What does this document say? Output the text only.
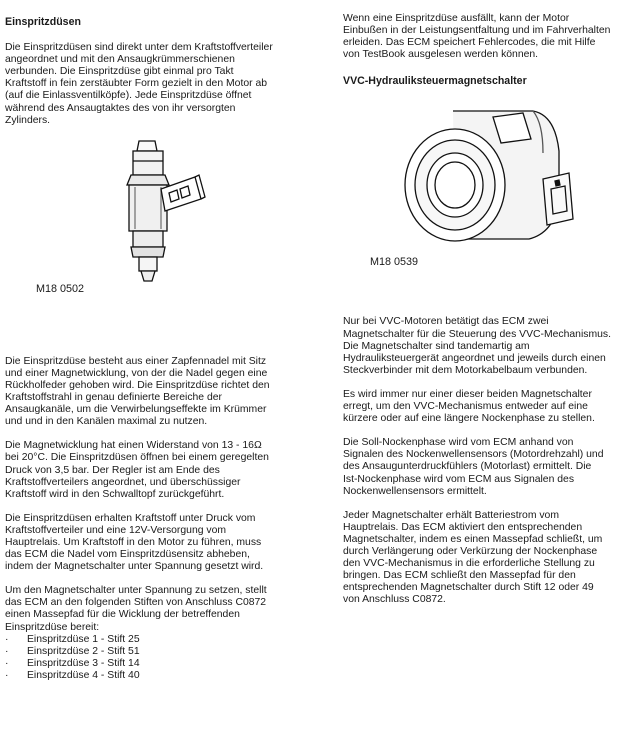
Einspritzdüsen

Die Einspritzdüsen sind direkt unter dem Kraftstoffverteiler
angeordnet und mit den Ansaugkrümmerschienen
verbunden. Die Einspritzdüse gibt einmal pro Takt
Kraftstoff in fein zerstäubter Form gezielt in den Motor ab
(auf die Einlassventilköpfe). Jede Einspritzdüse öffnet
während des Ansaugtaktes des von ihr versorgten
Zylinders.

M18 0502

Die Einspritzdüse besteht aus einer Zapfennadel mit Sitz
und einer Magnetwicklung, von der die Nadel gegen eine
Rückholfeder gehoben wird. Die Einspritzdüse richtet den
Kraftstoffstrahl in genau definierte Bereiche der
Ansaugkanäle, um die Verwirbelungseffekte im Krümmer
und und in den Kanälen maximal zu nutzen.

Die Magnetwicklung hat einen Widerstand von 13 - 16Ω
bei 20°C. Die Einspritzdüsen öffnen bei einem geregelten
Druck von 3,5 bar. Der Regler ist am Ende des
Kraftstoffverteilers angeordnet, und überschüssiger
Kraftstoff wird in den Schwalltopf zurückgeführt.

Die Einspritzdüsen erhalten Kraftstoff unter Druck vom
Kraftstoffverteiler und eine 12V-Versorgung vom
Hauptrelais. Um Kraftstoff in den Motor zu führen, muss
das ECM die Nadel vom Einspritzdüsensitz abheben,
indem der Magnetschalter unter Spannung gesetzt wird.

Um den Magnetschalter unter Spannung zu setzen, stellt
das ECM an den folgenden Stiften von Anschluss C0872
einen Massepfad für die Wicklung der betreffenden
Einspritzdüse bereit:

· Einspritzdüse 1 - Stift 25
· Einspritzdüse 2 - Stift 51
· Einspritzdüse 3 - Stift 14
· Einspritzdüse 4 - Stift 40

Wenn eine Einspritzdüse ausfällt, kann der Motor
Einbußen in der Leistungsentfaltung und im Fahrverhalten
erleiden. Das ECM speichert Fehlercodes, die mit Hilfe
von TestBook ausgelesen werden können.

VVC-Hydrauliksteuermagnetschalter
M18 0539

Nur bei VVC-Motoren betätigt das ECM zwei
Magnetschalter für die Steuerung des VVC-Mechanismus.
Die Magnetschalter sind tandemartig am
Hydrauliksteuergerät angeordnet und jeweils durch einen
Steckverbinder mit dem Motorkabelbaum verbunden.

Es wird immer nur einer dieser beiden Magnetschalter
erregt, um den VVC-Mechanismus entweder auf eine
kürzere oder auf eine längere Nockenphase zu stellen.

Die Soll-Nockenphase wird vom ECM anhand von
Signalen des Nockenwellensensors (Motordrehzahl) und
des Ansaugunterdruckfühlers (Motorlast) ermittelt. Die
Ist-Nockenphase wird vom ECM aus Signalen des
Nockenwellensensors ermittelt.

Jeder Magnetschalter erhält Batteriestrom vom
Hauptrelais. Das ECM aktiviert den entsprechenden
Magnetschalter, indem es einen Massepfad schließt, um
durch Verlängerung oder Verkürzung der Nockenphase
den VVC-Mechanismus in die erforderliche Stellung zu
bringen. Das ECM schließt den Massepfad für den
entsprechenden Magnetschalter durch Stift 12 oder 49
von Anschluss C0872.
